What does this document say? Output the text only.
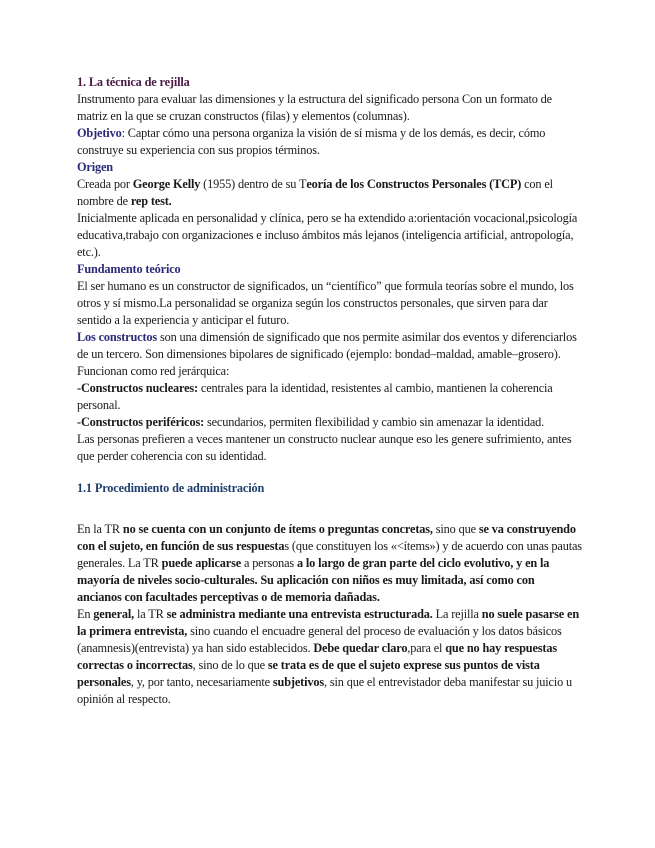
1. La técnica de rejilla

Instrumento para evaluar las dimensiones y la estructura del significado persona Con un formato de matriz en la que se cruzan constructos (filas) y elementos (columnas).

Objetivo: Captar cómo una persona organiza la visión de sí misma y de los demás, es decir, cómo construye su experiencia con sus propios términos.

Origen

Creada por George Kelly (1955) dentro de su Teoría de los Constructos Personales (TCP) con el nombre de rep test.

Inicialmente aplicada en personalidad y clínica, pero se ha extendido a:orientación vocacional,psicología educativa,trabajo con organizaciones e incluso ámbitos más lejanos (inteligencia artificial, antropología, etc.).

Fundamento teórico

El ser humano es un constructor de significados, un “científico” que formula teorías sobre el mundo, los otros y sí mismo.La personalidad se organiza según los constructos personales, que sirven para dar sentido a la experiencia y anticipar el futuro.

Los constructos son una dimensión de significado que nos permite asimilar dos eventos y diferenciarlos de un tercero. Son dimensiones bipolares de significado (ejemplo: bondad–maldad, amable–grosero).

Funcionan como red jerárquica:

-Constructos nucleares: centrales para la identidad, resistentes al cambio, mantienen la coherencia personal.

-Constructos periféricos: secundarios, permiten flexibilidad y cambio sin amenazar la identidad.

Las personas prefieren a veces mantener un constructo nuclear aunque eso les genere sufrimiento, antes que perder coherencia con su identidad.

1.1 Procedimiento de administración

En la TR no se cuenta con un conjunto de ítems o preguntas concretas, sino que se va construyendo con el sujeto, en función de sus respuestas (que constituyen los «<ítems») y de acuerdo con unas pautas generales. La TR puede aplicarse a personas a lo largo de gran parte del ciclo evolutivo, y en la mayoría de niveles socio-culturales. Su aplicación con niños es muy limitada, así como con
ancianos con facultades perceptivas o de memoria dañadas.

En general, la TR se administra mediante una entrevista estructurada. La rejilla no suele pasarse en la primera entrevista, sino cuando el encuadre general del proceso de evaluación y los datos básicos (anamnesis)(entrevista) ya han sido establecidos. Debe quedar claro,para el que no hay respuestas correctas o incorrectas, sino de lo que se trata es de que el sujeto exprese sus puntos de vista personales, y, por tanto, necesariamente subjetivos, sin que el entrevistador deba manifestar su juicio u opinión al respecto.
